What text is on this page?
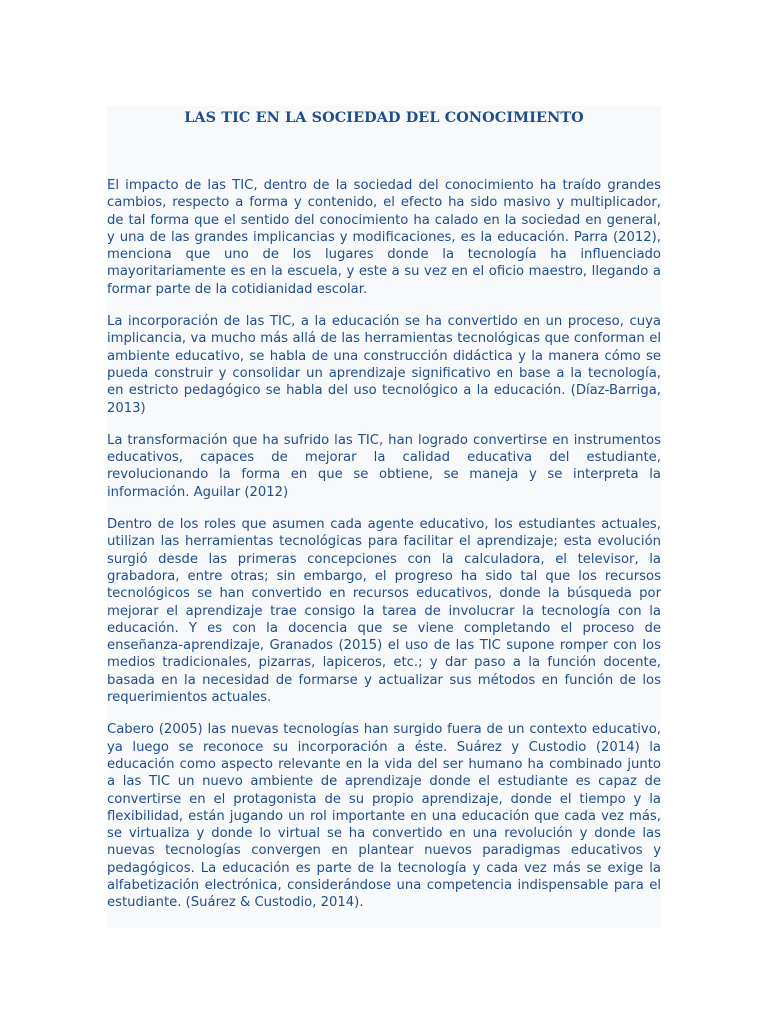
LAS TIC EN LA SOCIEDAD DEL CONOCIMIENTO

El impacto de las TIC, dentro de la sociedad del conocimiento ha traído grandes cambios, respecto a forma y contenido, el efecto ha sido masivo y multiplicador, de tal forma que el sentido del conocimiento ha calado en la sociedad en general, y una de las grandes implicancias y modificaciones, es la educación. Parra (2012), menciona que uno de los lugares donde la tecnología ha influenciado mayoritariamente es en la escuela, y este a su vez en el oficio maestro, llegando a formar parte de la cotidianidad escolar.

La incorporación de las TIC, a la educación se ha convertido en un proceso, cuya implicancia, va mucho más allá de las herramientas tecnológicas que conforman el ambiente educativo, se habla de una construcción didáctica y la manera cómo se pueda construir y consolidar un aprendizaje significativo en base a la tecnología, en estricto pedagógico se habla del uso tecnológico a la educación. (Díaz-Barriga, 2013)

La transformación que ha sufrido las TIC, han logrado convertirse en instrumentos educativos, capaces de mejorar la calidad educativa del estudiante, revolucionando la forma en que se obtiene, se maneja y se interpreta la información. Aguilar (2012)

Dentro de los roles que asumen cada agente educativo, los estudiantes actuales, utilizan las herramientas tecnológicas para facilitar el aprendizaje; esta evolución surgió desde las primeras concepciones con la calculadora, el televisor, la grabadora, entre otras; sin embargo, el progreso ha sido tal que los recursos tecnológicos se han convertido en recursos educativos, donde la búsqueda por mejorar el aprendizaje trae consigo la tarea de involucrar la tecnología con la educación. Y es con la docencia que se viene completando el proceso de enseñanza-aprendizaje, Granados (2015) el uso de las TIC supone romper con los medios tradicionales, pizarras, lapiceros, etc.; y dar paso a la función docente, basada en la necesidad de formarse y actualizar sus métodos en función de los requerimientos actuales.

Cabero (2005) las nuevas tecnologías han surgido fuera de un contexto educativo, ya luego se reconoce su incorporación a éste. Suárez y Custodio (2014) la educación como aspecto relevante en la vida del ser humano ha combinado junto a las TIC un nuevo ambiente de aprendizaje donde el estudiante es capaz de convertirse en el protagonista de su propio aprendizaje, donde el tiempo y la flexibilidad, están jugando un rol importante en una educación que cada vez más, se virtualiza y donde lo virtual se ha convertido en una revolución y donde las nuevas tecnologías convergen en plantear nuevos paradigmas educativos y pedagógicos. La educación es parte de la tecnología y cada vez más se exige la alfabetización electrónica, considerándose una competencia indispensable para el estudiante. (Suárez & Custodio, 2014).
